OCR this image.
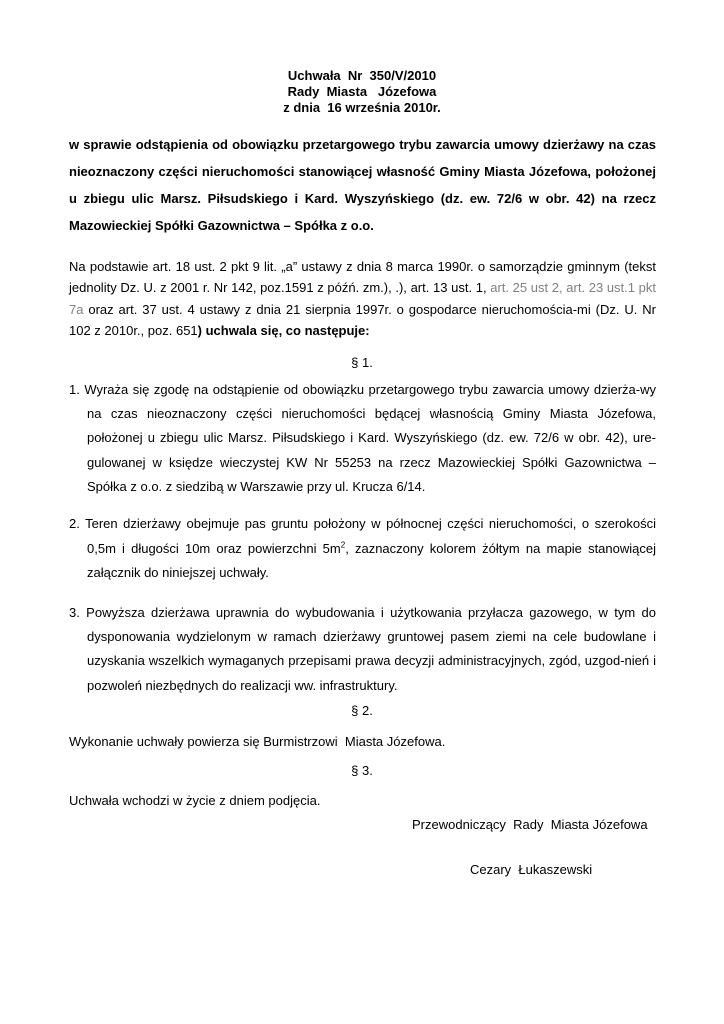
Uchwała  Nr  350/V/2010
Rady  Miasta   Józefowa
z dnia  16 września 2010r.
w sprawie odstąpienia od obowiązku przetargowego trybu zawarcia umowy dzierżawy na czas nieoznaczony części nieruchomości stanowiącej własność Gminy Miasta Józefowa, położonej u zbiegu ulic Marsz. Piłsudskiego i Kard. Wyszyńskiego (dz. ew. 72/6 w obr. 42) na rzecz Mazowieckiej Spółki Gazownictwa – Spółka z o.o.
Na podstawie art. 18 ust. 2 pkt 9 lit. „a” ustawy z dnia 8 marca 1990r. o samorządzie gminnym (tekst jednolity Dz. U. z 2001 r. Nr 142, poz.1591 z późń. zm.), .), art. 13 ust. 1, art. 25 ust 2, art. 23 ust.1 pkt 7a oraz art. 37 ust. 4 ustawy z dnia 21 sierpnia 1997r. o gospodarce nieruchomościa-mi (Dz. U. Nr 102 z 2010r., poz. 651) uchwala się, co następuje:
§ 1.
1. Wyraża się zgodę na odstąpienie od obowiązku przetargowego trybu zawarcia umowy dzierża-wy na czas nieoznaczony części nieruchomości będącej własnością Gminy Miasta Józefowa, położonej u zbiegu ulic Marsz. Piłsudskiego i Kard. Wyszyńskiego (dz. ew. 72/6 w obr. 42), ure-gulowanej w księdze wieczystej KW Nr 55253 na rzecz Mazowieckiej Spółki Gazownictwa – Spółka z o.o. z siedzibą w Warszawie przy ul. Krucza 6/14.
2. Teren dzierżawy obejmuje pas gruntu położony w północnej części nieruchomości, o szerokości 0,5m i długości 10m oraz powierzchni $5m^2$, zaznaczony kolorem żółtym na mapie stanowiącej załącznik do niniejszej uchwały.
3. Powyższa dzierżawa uprawnia do wybudowania i użytkowania przyłacza gazowego, w tym do dysponowania wydzielonym w ramach dzierżawy gruntowej pasem ziemi na cele budowlane i uzyskania wszelkich wymaganych przepisami prawa decyzji administracyjnych, zgód, uzgod-nień i pozwoleń niezbędnych do realizacji ww. infrastruktury.
§ 2.
Wykonanie uchwały powierza się Burmistrzowi  Miasta Józefowa.
§ 3.
Uchwała wchodzi w życie z dniem podjęcia.
Przewodniczący  Rady  Miasta Józefowa
Cezary  Łukaszewski
